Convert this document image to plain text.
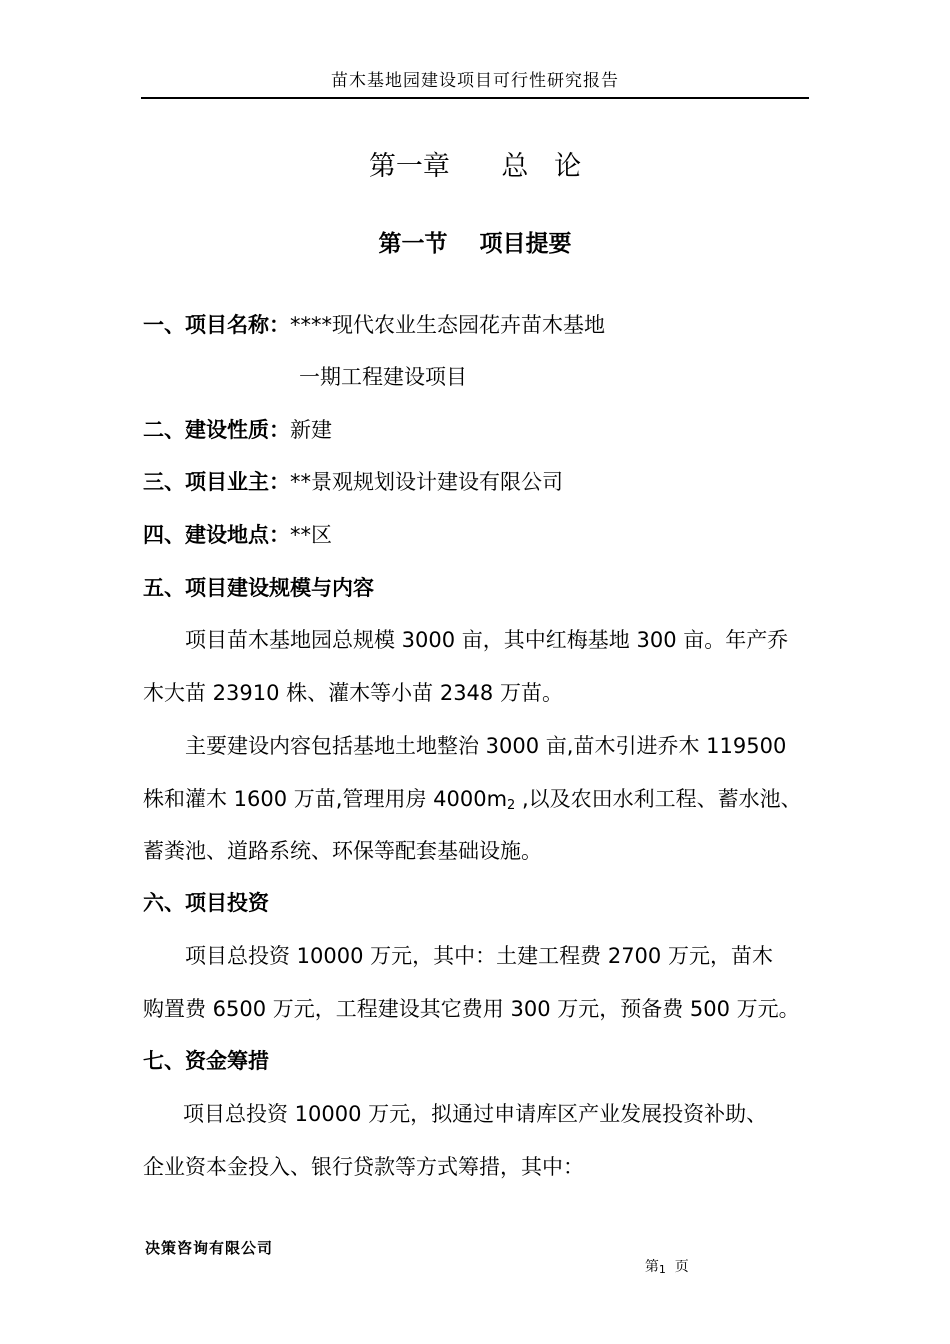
苗木基地园建设项目可行性研究报告
第一章      总   论
第一节    项目提要
一、项目名称：****现代农业生态园花卉苗木基地
一期工程建设项目
二、建设性质：新建
三、项目业主：**景观规划设计建设有限公司
四、建设地点：**区
五、项目建设规模与内容
项目苗木基地园总规模 3000 亩，其中红梅基地 300 亩。年产乔
木大苗 23910 株、灌木等小苗 2348 万苗。
主要建设内容包括基地土地整治 3000 亩,苗木引进乔木 119500
株和灌木 1600 万苗,管理用房 $4000m_2$ ,以及农田水利工程、蓄水池、
蓄粪池、道路系统、环保等配套基础设施。
六、项目投资
项目总投资 10000 万元，其中：土建工程费 2700 万元，苗木
购置费 6500 万元，工程建设其它费用 300 万元，预备费 500 万元。
七、资金筹措
项目总投资 10000 万元，拟通过申请库区产业发展投资补助、
企业资本金投入、银行贷款等方式筹措，其中：
决策咨询有限公司

第1  页
